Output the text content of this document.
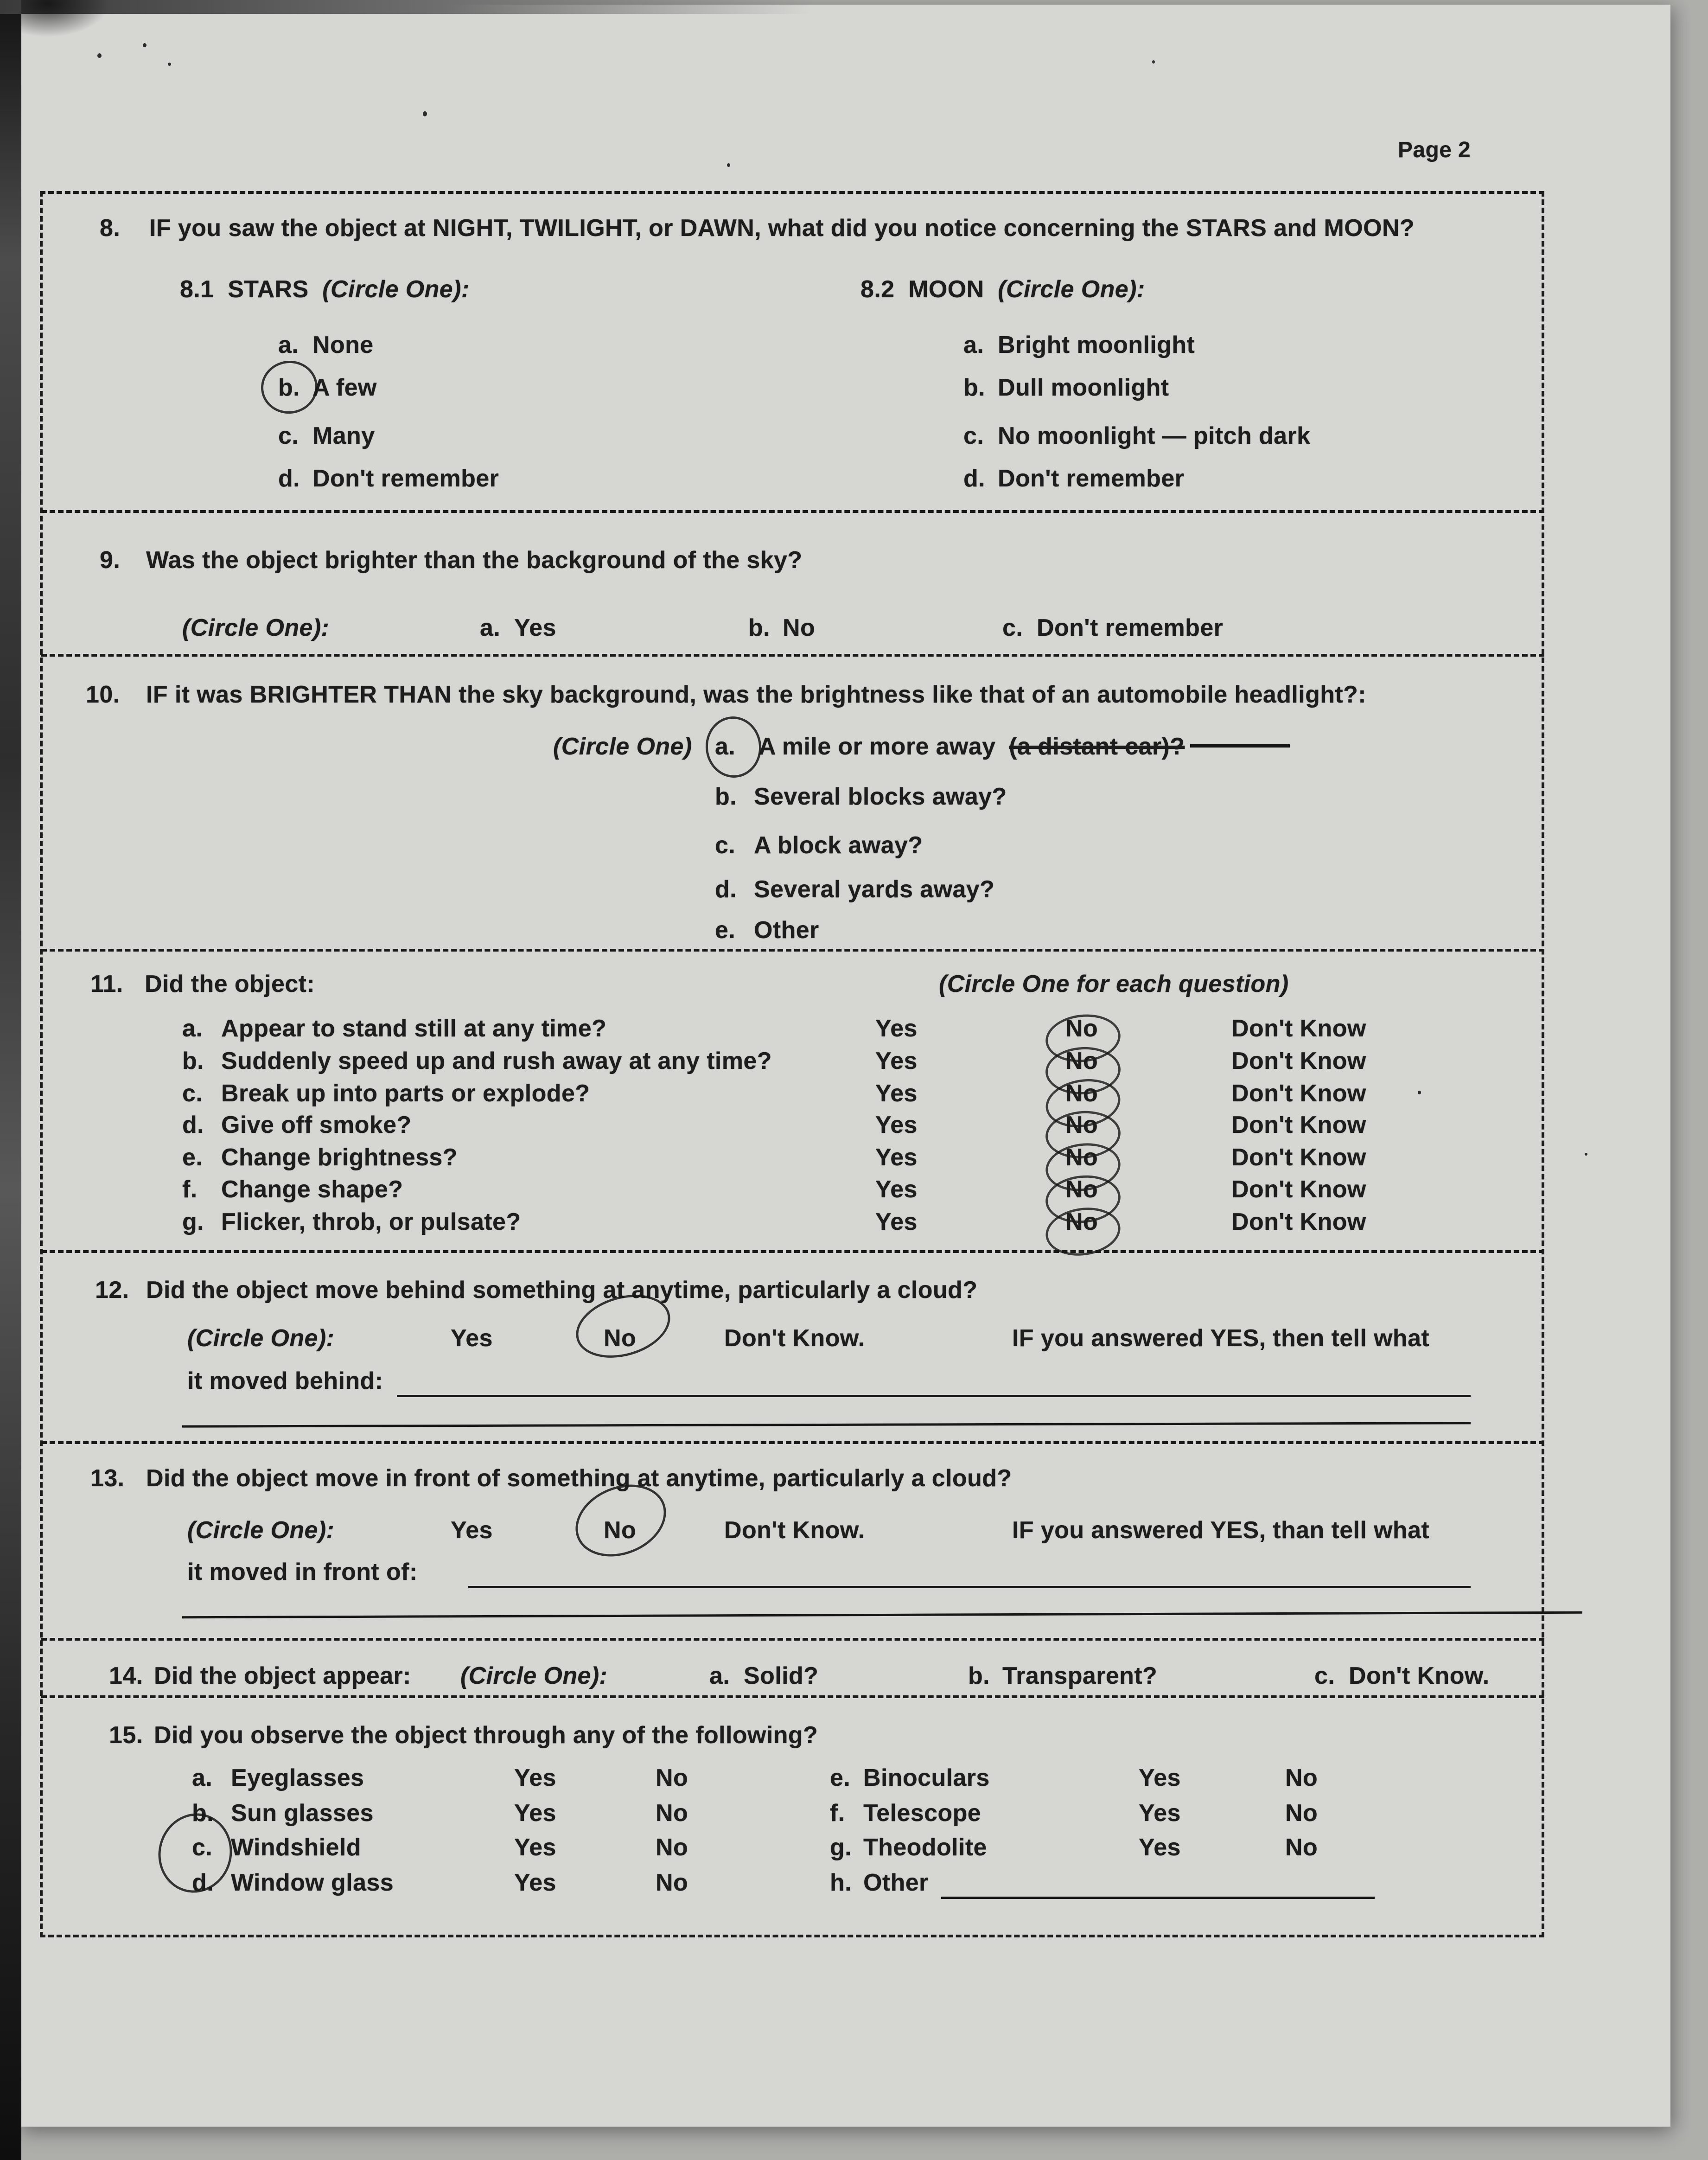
Page 2
8. IF you saw the object at NIGHT, TWILIGHT, or DAWN, what did you notice concerning the STARS and MOON?
8.1 STARS (Circle One):	8.2 MOON (Circle One):
a. None
b. A few
c. Many
d. Don't remember
a. Bright moonlight
b. Dull moonlight
c. No moonlight — pitch dark
d. Don't remember
9. Was the object brighter than the background of the sky?
(Circle One):	a. Yes	b. No	c. Don't remember
10. IF it was BRIGHTER THAN the sky background, was the brightness like that of an automobile headlight?:
(Circle One) a. A mile or more away (a distant car)?
b. Several blocks away?
c. A block away?
d. Several yards away?
e. Other
11. Did the object:	(Circle One for each question)
a. Appear to stand still at any time?	Yes	No	Don't Know
b. Suddenly speed up and rush away at any time?	Yes	No	Don't Know
c. Break up into parts or explode?	Yes	No	Don't Know
d. Give off smoke?	Yes	No	Don't Know
e. Change brightness?	Yes	No	Don't Know
f. Change shape?	Yes	No	Don't Know
g. Flicker, throb, or pulsate?	Yes	No	Don't Know
12. Did the object move behind something at anytime, particularly a cloud?
(Circle One):	Yes	No	Don't Know.	IF you answered YES, then tell what
it moved behind:
13. Did the object move in front of something at anytime, particularly a cloud?
(Circle One):	Yes	No	Don't Know.	IF you answered YES, than tell what
it moved in front of:
14. Did the object appear: (Circle One):	a. Solid?	b. Transparent?	c. Don't Know.
15. Did you observe the object through any of the following?
a. Eyeglasses	Yes	No	e. Binoculars	Yes	No
b. Sun glasses	Yes	No	f. Telescope	Yes	No
c. Windshield	Yes	No	g. Theodolite	Yes	No
d. Window glass	Yes	No	h. Other
